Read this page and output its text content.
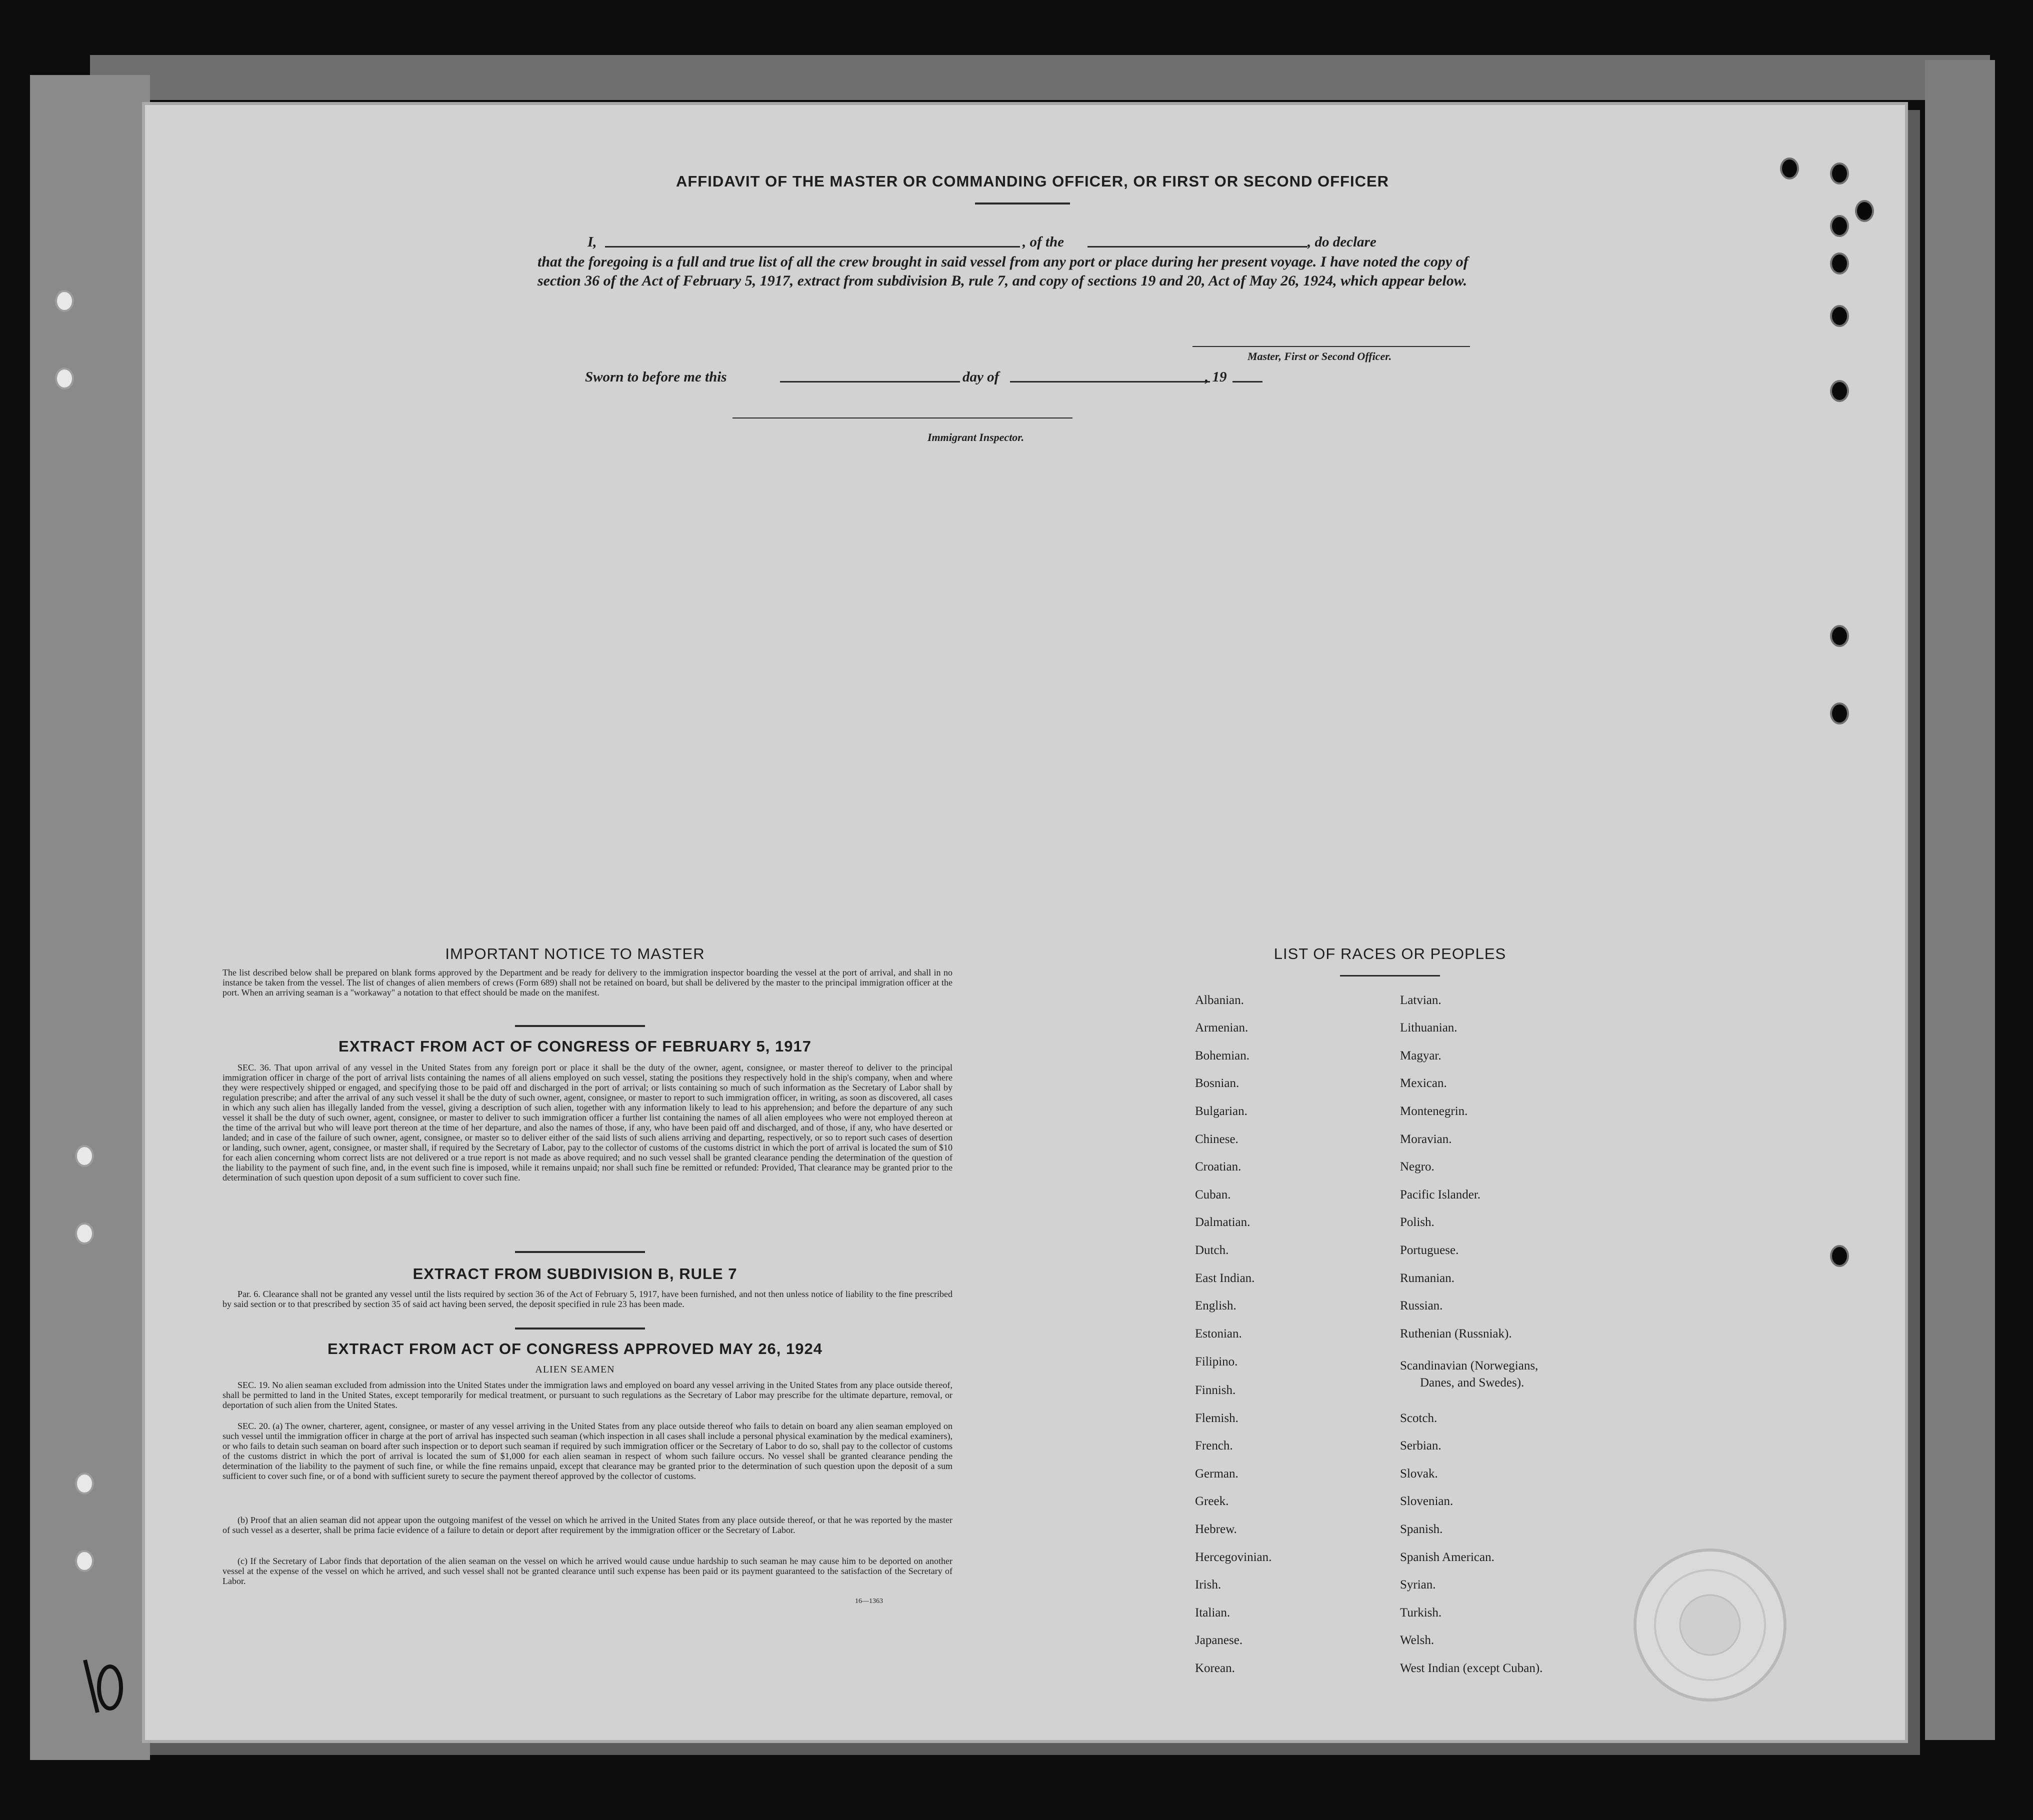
AFFIDAVIT OF THE MASTER OR COMMANDING OFFICER, OR FIRST OR SECOND OFFICER
I,	, of the	, do declare
that the foregoing is a full and true list of all the crew brought in said vessel from any port or place during her present voyage. I have noted the copy of section 36 of the Act of February 5, 1917, extract from subdivision B, rule 7, and copy of sections 19 and 20, Act of May 26, 1924, which appear below.
Master, First or Second Officer.
Sworn to before me this	day of	, 19
Immigrant Inspector.
IMPORTANT NOTICE TO MASTER
The list described below shall be prepared on blank forms approved by the Department and be ready for delivery to the immigration inspector boarding the vessel at the port of arrival, and shall in no instance be taken from the vessel. The list of changes of alien members of crews (Form 689) shall not be retained on board, but shall be delivered by the master to the principal immigration officer at the port. When an arriving seaman is a "workaway" a notation to that effect should be made on the manifest.
EXTRACT FROM ACT OF CONGRESS OF FEBRUARY 5, 1917
SEC. 36. That upon arrival of any vessel in the United States from any foreign port or place it shall be the duty of the owner, agent, consignee, or master thereof to deliver to the principal immigration officer in charge of the port of arrival lists containing the names of all aliens employed on such vessel, stating the positions they respectively hold in the ship's company, when and where they were respectively shipped or engaged, and specifying those to be paid off and discharged in the port of arrival; or lists containing so much of such information as the Secretary of Labor shall by regulation prescribe; and after the arrival of any such vessel it shall be the duty of such owner, agent, consignee, or master to report to such immigration officer, in writing, as soon as discovered, all cases in which any such alien has illegally landed from the vessel, giving a description of such alien, together with any information likely to lead to his apprehension; and before the departure of any such vessel it shall be the duty of such owner, agent, consignee, or master to deliver to such immigration officer a further list containing the names of all alien employees who were not employed thereon at the time of the arrival but who will leave port thereon at the time of her departure, and also the names of those, if any, who have been paid off and discharged, and of those, if any, who have deserted or landed; and in case of the failure of such owner, agent, consignee, or master so to deliver either of the said lists of such aliens arriving and departing, respectively, or so to report such cases of desertion or landing, such owner, agent, consignee, or master shall, if required by the Secretary of Labor, pay to the collector of customs of the customs district in which the port of arrival is located the sum of $10 for each alien concerning whom correct lists are not delivered or a true report is not made as above required; and no such vessel shall be granted clearance pending the determination of the question of the liability to the payment of such fine, and, in the event such fine is imposed, while it remains unpaid; nor shall such fine be remitted or refunded: Provided, That clearance may be granted prior to the determination of such question upon deposit of a sum sufficient to cover such fine.
EXTRACT FROM SUBDIVISION B, RULE 7
Par. 6. Clearance shall not be granted any vessel until the lists required by section 36 of the Act of February 5, 1917, have been furnished, and not then unless notice of liability to the fine prescribed by said section or to that prescribed by section 35 of said act having been served, the deposit specified in rule 23 has been made.
EXTRACT FROM ACT OF CONGRESS APPROVED MAY 26, 1924
ALIEN SEAMEN
SEC. 19. No alien seaman excluded from admission into the United States under the immigration laws and employed on board any vessel arriving in the United States from any place outside thereof, shall be permitted to land in the United States, except temporarily for medical treatment, or pursuant to such regulations as the Secretary of Labor may prescribe for the ultimate departure, removal, or deportation of such alien from the United States.
SEC. 20. (a) The owner, charterer, agent, consignee, or master of any vessel arriving in the United States from any place outside thereof who fails to detain on board any alien seaman employed on such vessel until the immigration officer in charge at the port of arrival has inspected such seaman (which inspection in all cases shall include a personal physical examination by the medical examiners), or who fails to detain such seaman on board after such inspection or to deport such seaman if required by such immigration officer or the Secretary of Labor to do so, shall pay to the collector of customs of the customs district in which the port of arrival is located the sum of $1,000 for each alien seaman in respect of whom such failure occurs. No vessel shall be granted clearance pending the determination of the liability to the payment of such fine, or while the fine remains unpaid, except that clearance may be granted prior to the determination of such question upon the deposit of a sum sufficient to cover such fine, or of a bond with sufficient surety to secure the payment thereof approved by the collector of customs.
(b) Proof that an alien seaman did not appear upon the outgoing manifest of the vessel on which he arrived in the United States from any place outside thereof, or that he was reported by the master of such vessel as a deserter, shall be prima facie evidence of a failure to detain or deport after requirement by the immigration officer or the Secretary of Labor.
(c) If the Secretary of Labor finds that deportation of the alien seaman on the vessel on which he arrived would cause undue hardship to such seaman he may cause him to be deported on another vessel at the expense of the vessel on which he arrived, and such vessel shall not be granted clearance until such expense has been paid or its payment guaranteed to the satisfaction of the Secretary of Labor.
16—1363
LIST OF RACES OR PEOPLES
Albanian.
Armenian.
Bohemian.
Bosnian.
Bulgarian.
Chinese.
Croatian.
Cuban.
Dalmatian.
Dutch.
East Indian.
English.
Estonian.
Filipino.
Finnish.
Flemish.
French.
German.
Greek.
Hebrew.
Hercegovinian.
Irish.
Italian.
Japanese.
Korean.
Latvian.
Lithuanian.
Magyar.
Mexican.
Montenegrin.
Moravian.
Negro.
Pacific Islander.
Polish.
Portuguese.
Rumanian.
Russian.
Ruthenian (Russniak).
Scandinavian (Norwegians,
Danes, and Swedes).
Scotch.
Serbian.
Slovak.
Slovenian.
Spanish.
Spanish American.
Syrian.
Turkish.
Welsh.
West Indian (except Cuban).
